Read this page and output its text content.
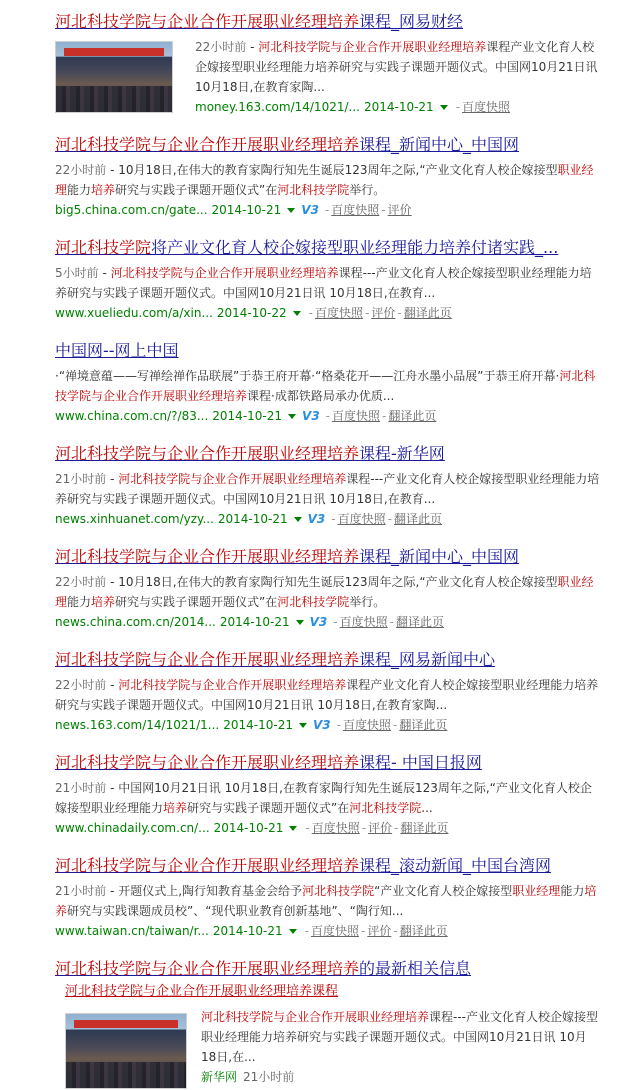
河北科技学院与企业合作开展职业经理培养课程_网易财经
22小时前 - 河北科技学院与企业合作开展职业经理培养课程产业文化育人校企嫁接型职业经理能力培养研究与实践子课题开题仪式。中国网10月21日讯 10月18日,在教育家陶...
money.163.com/14/1021/... 2014-10-21 - 百度快照
河北科技学院与企业合作开展职业经理培养课程_新闻中心_中国网
22小时前 - 10月18日,在伟大的教育家陶行知先生诞辰123周年之际,“产业文化育人校企嫁接型职业经理能力培养研究与实践子课题开题仪式”在河北科技学院举行。
big5.china.com.cn/gate... 2014-10-21 V3 - 百度快照 - 评价
河北科技学院将产业文化育人校企嫁接型职业经理能力培养付诸实践_...
5小时前 - 河北科技学院与企业合作开展职业经理培养课程---产业文化育人校企嫁接型职业经理能力培养研究与实践子课题开题仪式。中国网10月21日讯 10月18日,在教育...
www.xueliedu.com/a/xin... 2014-10-22 - 百度快照 - 评价 - 翻译此页
中国网--网上中国
·“禅境意蕴——写禅绘禅作品联展”于恭王府开幕·“格桑花开——江舟水墨小品展”于恭王府开幕·河北科技学院与企业合作开展职业经理培养课程·成都铁路局承办优质...
www.china.com.cn/?/83... 2014-10-21 V3 - 百度快照 - 翻译此页
河北科技学院与企业合作开展职业经理培养课程-新华网
21小时前 - 河北科技学院与企业合作开展职业经理培养课程---产业文化育人校企嫁接型职业经理能力培养研究与实践子课题开题仪式。中国网10月21日讯 10月18日,在教育...
news.xinhuanet.com/yzy... 2014-10-21 V3 - 百度快照 - 翻译此页
河北科技学院与企业合作开展职业经理培养课程_新闻中心_中国网
22小时前 - 10月18日,在伟大的教育家陶行知先生诞辰123周年之际,“产业文化育人校企嫁接型职业经理能力培养研究与实践子课题开题仪式”在河北科技学院举行。
news.china.com.cn/2014... 2014-10-21 V3 - 百度快照 - 翻译此页
河北科技学院与企业合作开展职业经理培养课程_网易新闻中心
22小时前 - 河北科技学院与企业合作开展职业经理培养课程产业文化育人校企嫁接型职业经理能力培养研究与实践子课题开题仪式。中国网10月21日讯 10月18日,在教育家陶...
news.163.com/14/1021/1... 2014-10-21 V3 - 百度快照 - 翻译此页
河北科技学院与企业合作开展职业经理培养课程- 中国日报网
21小时前 - 中国网10月21日讯 10月18日,在教育家陶行知先生诞辰123周年之际,“产业文化育人校企嫁接型职业经理能力培养研究与实践子课题开题仪式”在河北科技学院...
www.chinadaily.com.cn/... 2014-10-21 - 百度快照 - 评价 - 翻译此页
河北科技学院与企业合作开展职业经理培养课程_滚动新闻_中国台湾网
21小时前 - 开题仪式上,陶行知教育基金会给予河北科技学院“产业文化育人校企嫁接型职业经理能力培养研究与实践课题成员校”、“现代职业教育创新基地”、“陶行知...
www.taiwan.cn/taiwan/r... 2014-10-21 - 百度快照 - 评价 - 翻译此页
河北科技学院与企业合作开展职业经理培养的最新相关信息
河北科技学院与企业合作开展职业经理培养课程
河北科技学院与企业合作开展职业经理培养课程---产业文化育人校企嫁接型职业经理能力培养研究与实践子课题开题仪式。中国网10月21日讯 10月18日,在...
新华网 21小时前
